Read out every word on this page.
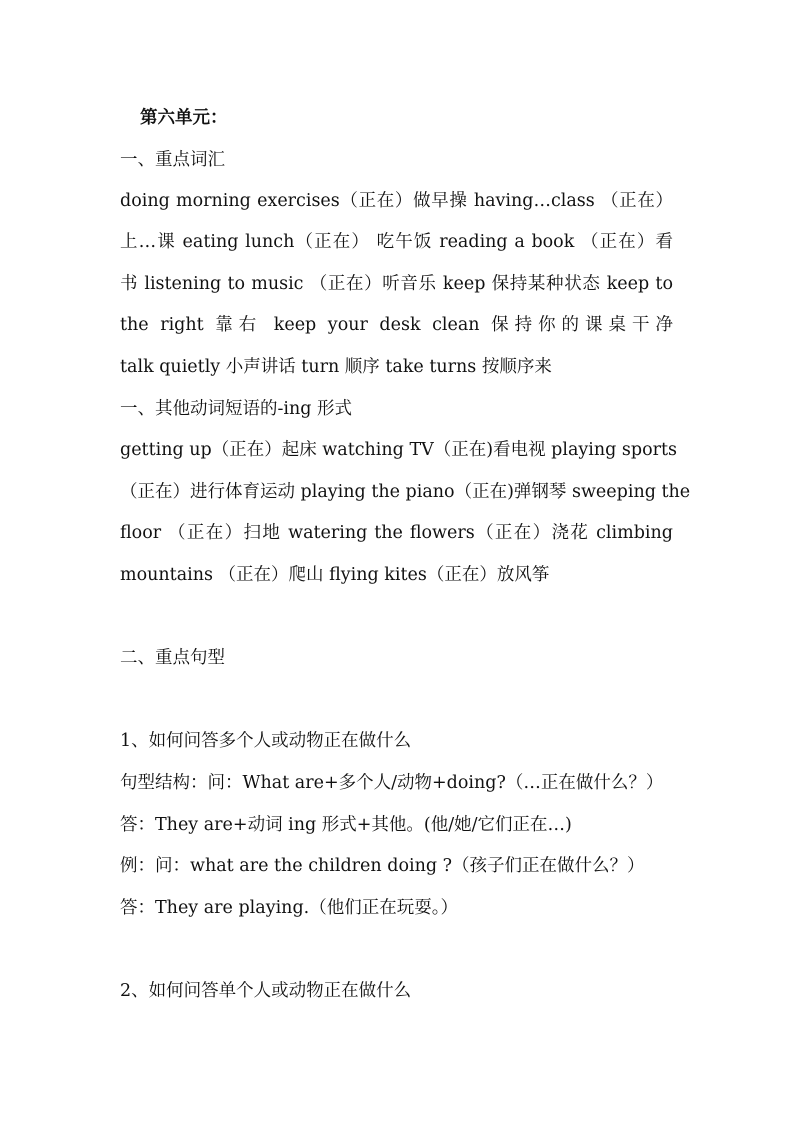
第六单元：
一、重点词汇
doing morning exercises（正在）做早操 having…class （正在）
上…课 eating lunch（正在） 吃午饭 reading a book （正在）看
书 listening to music （正在）听音乐 keep 保持某种状态 keep to
the right 靠右 keep your desk clean 保持你的课桌干净
talk quietly 小声讲话 turn 顺序 take turns 按顺序来
一、其他动词短语的-ing 形式
getting up（正在）起床 watching TV（正在)看电视 playing sports
（正在）进行体育运动 playing the piano（正在)弹钢琴 sweeping the
floor （正在）扫地 watering the flowers（正在）浇花 climbing
mountains （正在）爬山 flying kites（正在）放风筝
二、重点句型
1、如何问答多个人或动物正在做什么
句型结构：问：What are+多个人/动物+doing?（…正在做什么？）
答：They are+动词 ing 形式+其他。(他/她/它们正在…)
例：问：what are the children doing ?（孩子们正在做什么？）
答：They are playing.（他们正在玩耍。）
2、如何问答单个人或动物正在做什么
